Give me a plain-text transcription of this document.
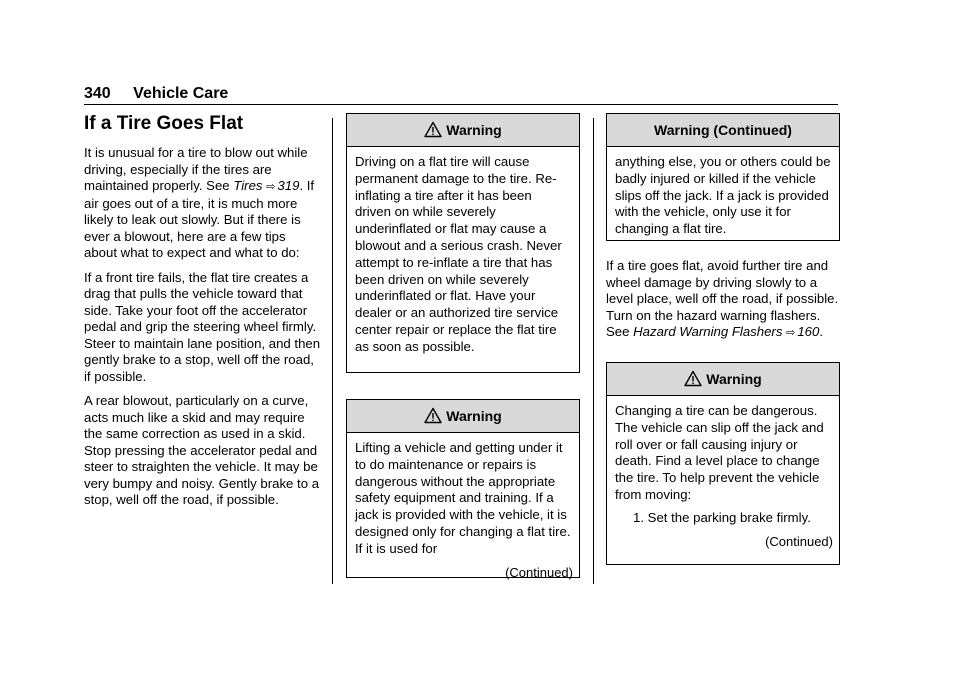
340 Vehicle Care
If a Tire Goes Flat

It is unusual for a tire to blow out while driving, especially if the tires are maintained properly. See Tires ⇨ 319. If air goes out of a tire, it is much more likely to leak out slowly. But if there is ever a blowout, here are a few tips about what to expect and what to do:

If a front tire fails, the flat tire creates a drag that pulls the vehicle toward that side. Take your foot off the accelerator pedal and grip the steering wheel firmly. Steer to maintain lane position, and then gently brake to a stop, well off the road, if possible.

A rear blowout, particularly on a curve, acts much like a skid and may require the same correction as used in a skid. Stop pressing the accelerator pedal and steer to straighten the vehicle. It may be very bumpy and noisy. Gently brake to a stop, well off the road, if possible.

Warning
Driving on a flat tire will cause permanent damage to the tire. Re-inflating a tire after it has been driven on while severely underinflated or flat may cause a blowout and a serious crash. Never attempt to re-inflate a tire that has been driven on while severely underinflated or flat. Have your dealer or an authorized tire service center repair or replace the flat tire as soon as possible.
Warning
Lifting a vehicle and getting under it to do maintenance or repairs is dangerous without the appropriate safety equipment and training. If a jack is provided with the vehicle, it is designed only for changing a flat tire. If it is used for
(Continued)
Warning (Continued)
anything else, you or others could be badly injured or killed if the vehicle slips off the jack. If a jack is provided with the vehicle, only use it for changing a flat tire.

If a tire goes flat, avoid further tire and wheel damage by driving slowly to a level place, well off the road, if possible. Turn on the hazard warning flashers. See Hazard Warning Flashers ⇨ 160.

Warning
Changing a tire can be dangerous. The vehicle can slip off the jack and roll over or fall causing injury or death. Find a level place to change the tire. To help prevent the vehicle from moving:
1. Set the parking brake firmly.
(Continued)
